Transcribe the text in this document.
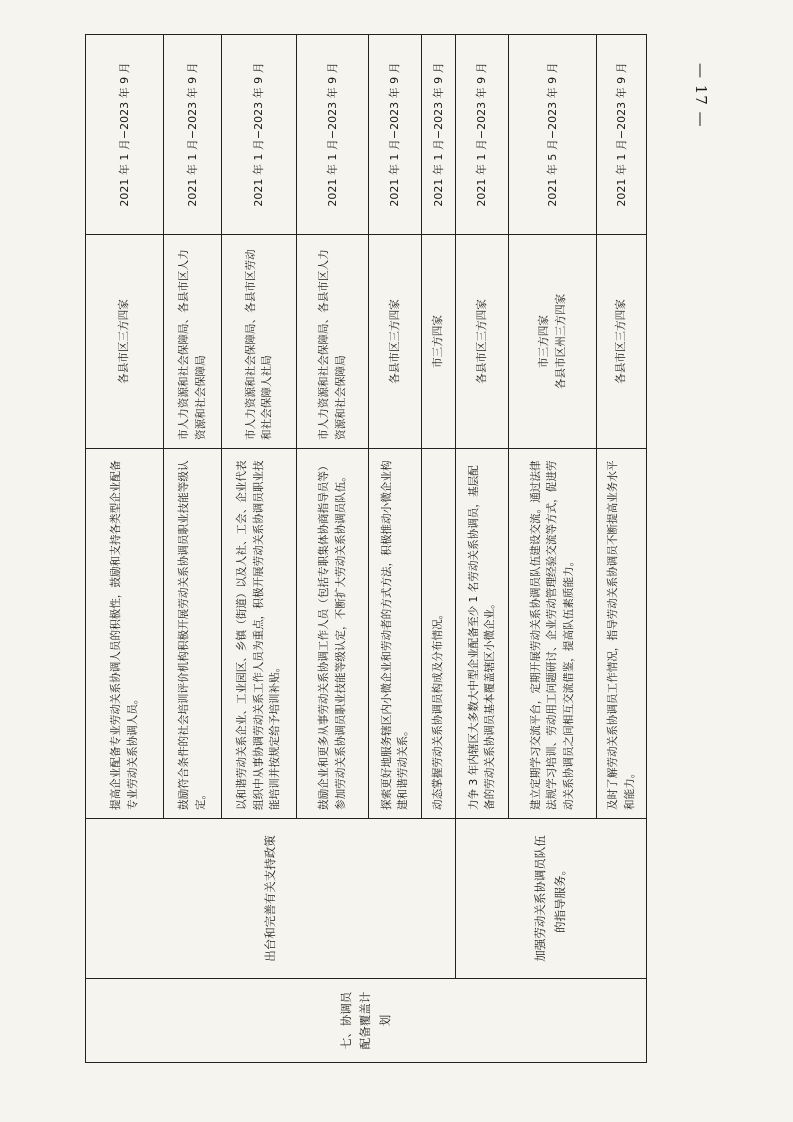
— 17 —
七、协调员配备覆盖计划	出台和完善有关支持政策	提高企业配备专业劳动关系协调人员的积极性，鼓励和支持各类型企业配备专业劳动关系协调人员。	各县市区三方四家	2021 年 1 月−2023 年 9 月
		鼓励符合条件的社会培训评价机构积极开展劳动关系协调员职业技能等级认定。	市人力资源和社会保障局、各县市区人力资源和社会保障局	2021 年 1 月−2023 年 9 月
		以和谐劳动关系企业、工业园区、乡镇（街道）以及人社、工会、企业代表组织中从事协调劳动关系工作人员为重点，积极开展劳动关系协调员职业技能培训并按规定给予培训补贴。	市人力资源和社会保障局、各县市区劳动和社会保障人社局	2021 年 1 月−2023 年 9 月
		鼓励企业和更多从事劳动关系协调工作人员（包括专职集体协商指导员等）参加劳动关系协调员职业技能等级认定，不断扩大劳动关系协调员队伍。	市人力资源和社会保障局、各县市区人力资源和社会保障局	2021 年 1 月−2023 年 9 月
		探索更好地服务辖区内小微企业和劳动者的方式方法，积极推动小微企业构建和谐劳动关系。	各县市区三方四家	2021 年 1 月−2023 年 9 月
		动态掌握劳动关系协调员构成及分布情况。	市三方四家	2021 年 1 月−2023 年 9 月
	加强劳动关系协调员队伍的指导服务。	力争 3 年内辖区大多数大中型企业配备至少 1 名劳动关系协调员，基层配备的劳动关系协调员基本覆盖辖区小微企业。	各县市区三方四家	2021 年 1 月−2023 年 9 月
		建立定期学习交流平台，定期开展劳动关系协调员队伍建设交流。通过法律法规学习培训、劳动用工问题研讨、企业劳动管理经验交流等方式，促进劳动关系协调员之间相互交流借鉴，提高队伍素质能力。	市三方四家 各县市区州三方四家	2021 年 5 月−2023 年 9 月
		及时了解劳动关系协调员工作情况，指导劳动关系协调员不断提高业务水平和能力。	各县市区三方四家	2021 年 1 月−2023 年 9 月
